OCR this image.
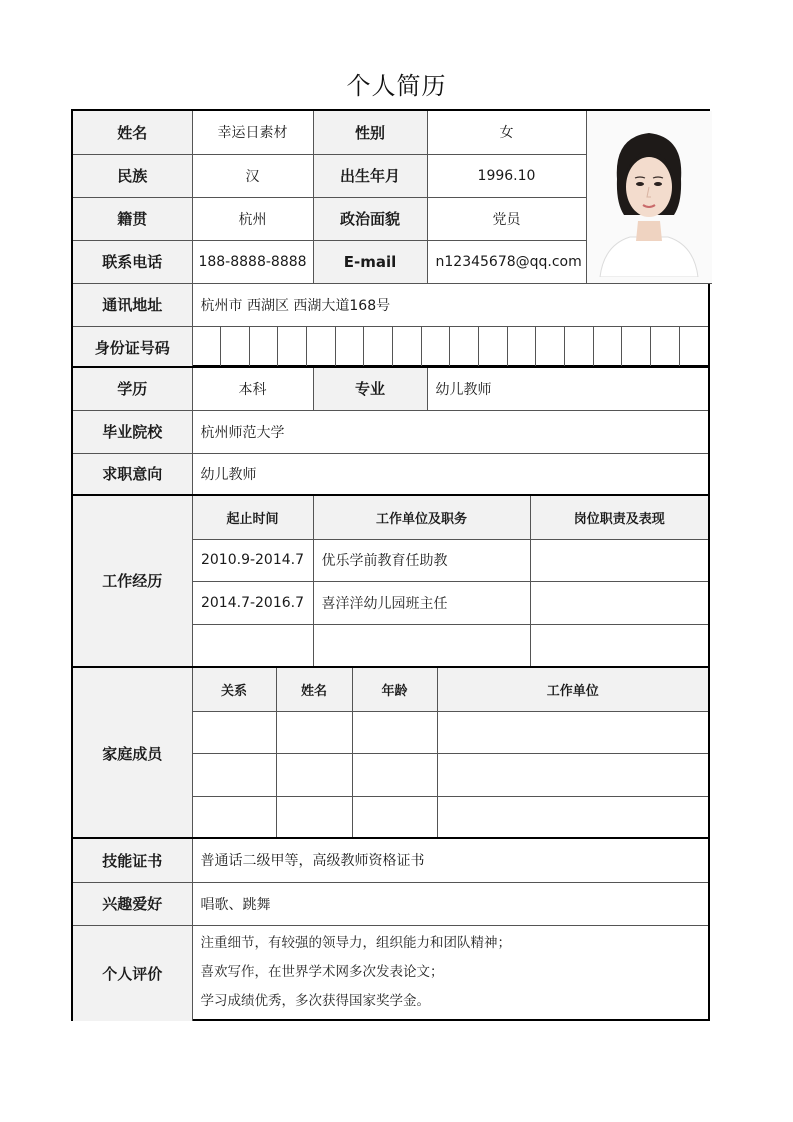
个人简历
姓名	幸运日素材	性别	女	

民族	汉	出生年月	1996.10	
籍贯	杭州	政治面貌	党员	
联系电话	188-8888-8888	E-mail	n12345678@qq.com	
通讯地址	杭州市 西湖区 西湖大道168号			
身份证号码																		
学历	本科	专业	幼儿教师
毕业院校	杭州师范大学		
求职意向	幼儿教师		
工作经历	起止时间	工作单位及职务	岗位职责及表现
	2010.9-2014.7	优乐学前教育任助教	
	2014.7-2016.7	喜洋洋幼儿园班主任	

家庭成员	关系	姓名	年龄	工作单位

技能证书	普通话二级甲等，高级教师资格证书
兴趣爱好	唱歌、跳舞
个人评价	注重细节，有较强的领导力，组织能力和团队精神；
喜欢写作，在世界学术网多次发表论文；
学习成绩优秀，多次获得国家奖学金。
